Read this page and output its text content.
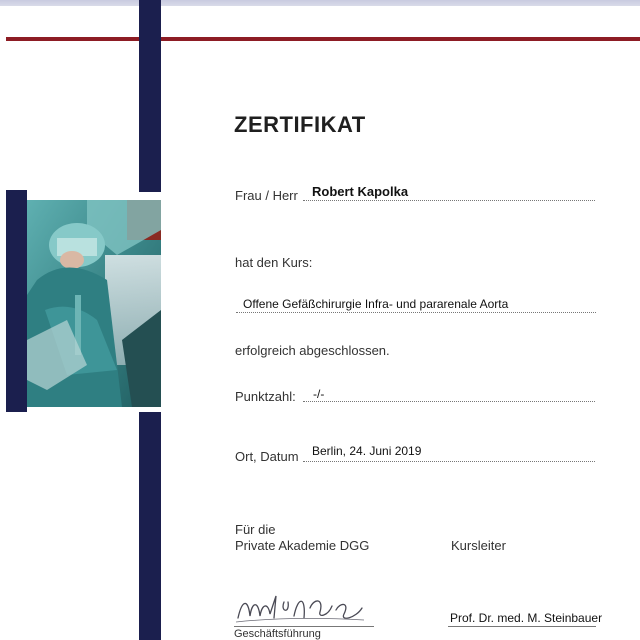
ZERTIFIKAT
Frau / Herr Robert Kapolka
hat den Kurs:
Offene Gefäßchirurgie Infra- und pararenale Aorta
erfolgreich abgeschlossen.
Punktzahl: -/-
Ort, Datum Berlin, 24. Juni 2019
Für die
Private Akademie DGG	Kursleiter
Geschäftsführung
Prof. Dr. med. M. Steinbauer
